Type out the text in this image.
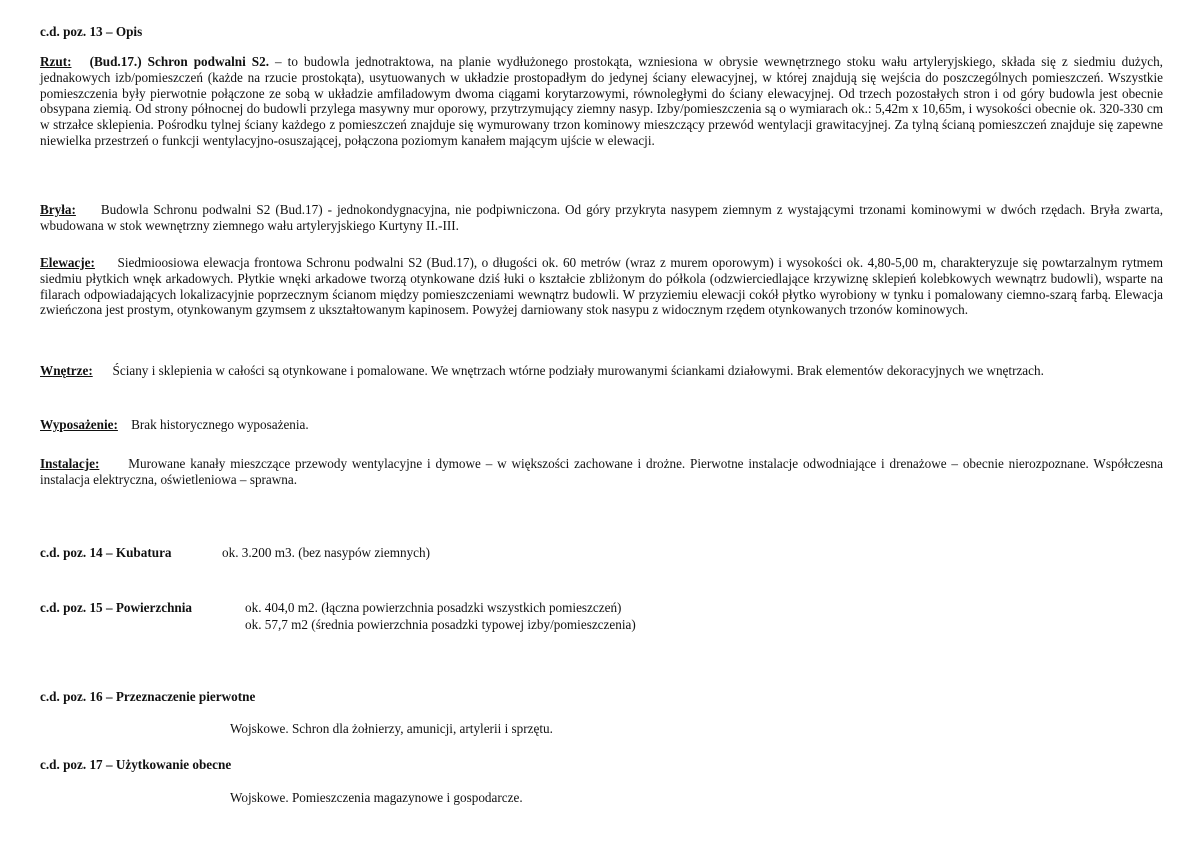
c.d. poz. 13 – Opis
Rzut: (Bud.17.) Schron podwalni S2. – to budowla jednotraktowa, na planie wydłużonego prostokąta, wzniesiona w obrysie wewnętrznego stoku wału artyleryjskiego, składa się z siedmiu dużych, jednakowych izb/pomieszczeń (każde na rzucie prostokąta), usytuowanych w układzie prostopadłym do jedynej ściany elewacyjnej, w której znajdują się wejścia do poszczególnych pomieszczeń. Wszystkie pomieszczenia były pierwotnie połączone ze sobą w układzie amfiladowym dwoma ciągami korytarzowymi, równoległymi do ściany elewacyjnej. Od trzech pozostałych stron i od góry budowla jest obecnie obsypana ziemią. Od strony północnej do budowli przylega masywny mur oporowy, przytrzymujący ziemny nasyp. Izby/pomieszczenia są o wymiarach ok.: 5,42m x 10,65m, i wysokości obecnie ok. 320-330 cm w strzałce sklepienia. Pośrodku tylnej ściany każdego z pomieszczeń znajduje się wymurowany trzon kominowy mieszczący przewód wentylacji grawitacyjnej. Za tylną ścianą pomieszczeń znajduje się zapewne niewielka przestrzeń o funkcji wentylacyjno-osuszającej, połączona poziomym kanałem mającym ujście w elewacji.
Bryła: Budowla Schronu podwalni S2 (Bud.17) - jednokondygnacyjna, nie podpiwniczona. Od góry przykryta nasypem ziemnym z wystającymi trzonami kominowymi w dwóch rzędach. Bryła zwarta, wbudowana w stok wewnętrzny ziemnego wału artyleryjskiego Kurtyny II.-III.
Elewacje: Siedmioosiowa elewacja frontowa Schronu podwalni S2 (Bud.17), o długości ok. 60 metrów (wraz z murem oporowym) i wysokości ok. 4,80-5,00 m, charakteryzuje się powtarzalnym rytmem siedmiu płytkich wnęk arkadowych. Płytkie wnęki arkadowe tworzą otynkowane dziś łuki o kształcie zbliżonym do półkola (odzwierciedlające krzywiznę sklepień kolebkowych wewnątrz budowli), wsparte na filarach odpowiadających lokalizacyjnie poprzecznym ścianom między pomieszczeniami wewnątrz budowli. W przyziemiu elewacji cokół płytko wyrobiony w tynku i pomalowany ciemno-szarą farbą. Elewacja zwieńczona jest prostym, otynkowanym gzymsem z ukształtowanym kapinosem. Powyżej darniowany stok nasypu z widocznym rzędem otynkowanych trzonów kominowych.
Wnętrze: Ściany i sklepienia w całości są otynkowane i pomalowane. We wnętrzach wtórne podziały murowanymi ściankami działowymi. Brak elementów dekoracyjnych we wnętrzach.
Wyposażenie: Brak historycznego wyposażenia.
Instalacje: Murowane kanały mieszczące przewody wentylacyjne i dymowe – w większości zachowane i drożne. Pierwotne instalacje odwodniające i drenażowe – obecnie nierozpoznane. Współczesna instalacja elektryczna, oświetleniowa – sprawna.
c.d. poz. 14 – Kubatura	ok. 3.200 m3. (bez nasypów ziemnych)
c.d. poz. 15 – Powierzchnia	ok. 404,0 m2. (łączna powierzchnia posadzki wszystkich pomieszczeń)
ok. 57,7 m2 (średnia powierzchnia posadzki typowej izby/pomieszczenia)
c.d. poz. 16 – Przeznaczenie pierwotne
Wojskowe. Schron dla żołnierzy, amunicji, artylerii i sprzętu.
c.d. poz. 17 – Użytkowanie obecne
Wojskowe. Pomieszczenia magazynowe i gospodarcze.
